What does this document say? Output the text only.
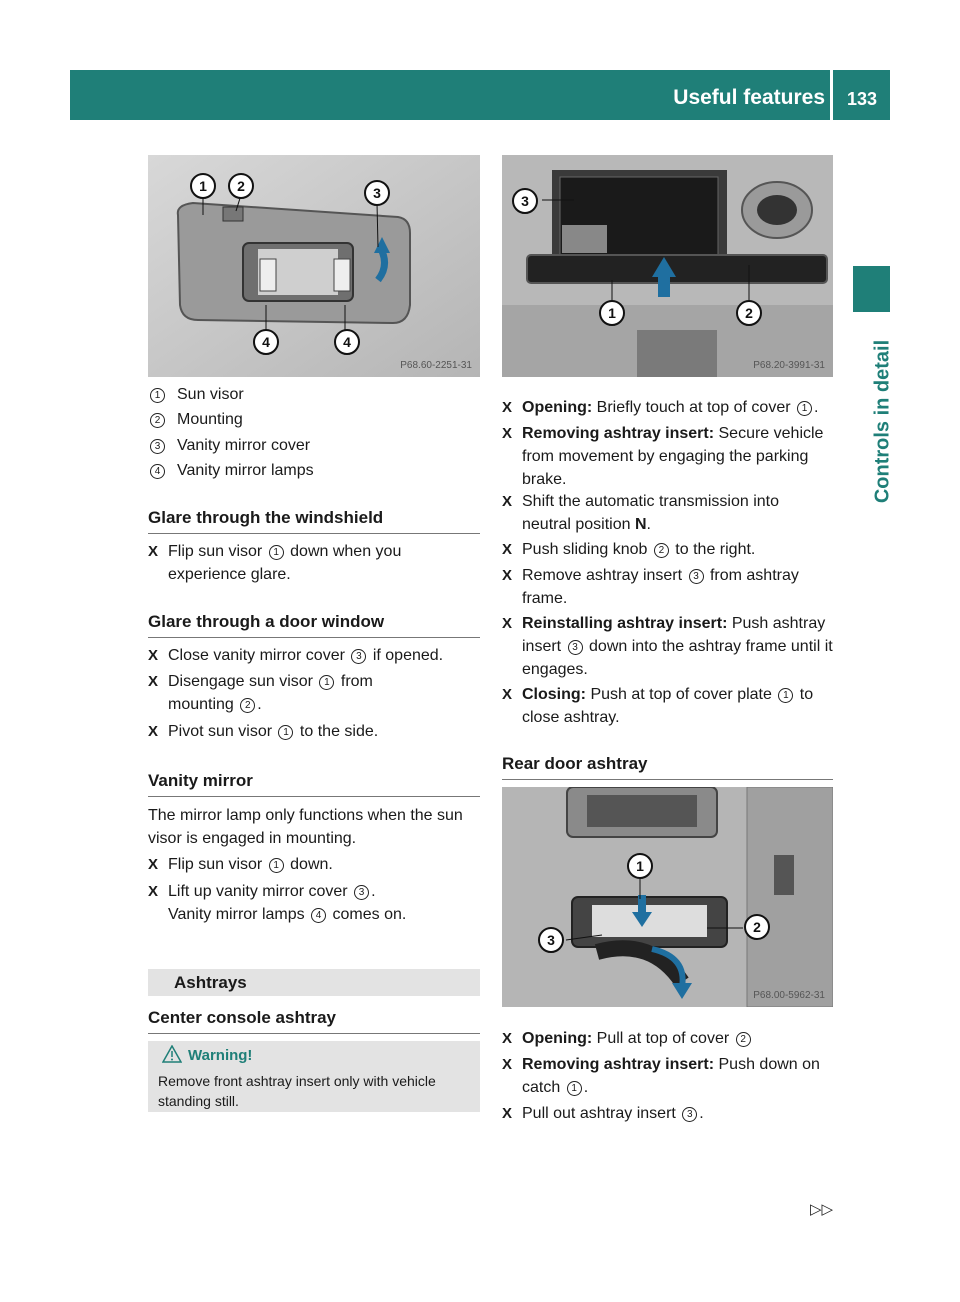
Useful features	133
Controls in detail
1	2	3
4	4
P68.60-2251-31
1 Sun visor
2 Mounting
3 Vanity mirror cover
4 Vanity mirror lamps
Glare through the windshield
X Flip sun visor 1 down when you experience glare.
Glare through a door window
X Close vanity mirror cover 3 if opened.
X Disengage sun visor 1 from mounting 2 .
X Pivot sun visor 1 to the side.
Vanity mirror
The mirror lamp only functions when the sun visor is engaged in mounting.
X Flip sun visor 1 down.
X Lift up vanity mirror cover 3 .
Vanity mirror lamps 4 comes on.
Ashtrays
Center console ashtray
Warning!
Remove front ashtray insert only with vehicle standing still.
3
1	2
P68.20-3991-31
X Opening: Briefly touch at top of cover 1 .
X Removing ashtray insert: Secure vehicle from movement by engaging the parking brake.
X Shift the automatic transmission into neutral position N.
X Push sliding knob 2 to the right.
X Remove ashtray insert 3 from ashtray frame.
X Reinstalling ashtray insert: Push ashtray insert 3 down into the ashtray frame until it engages.
X Closing: Push at top of cover plate 1 to close ashtray.
Rear door ashtray
1
2
3
P68.00-5962-31
X Opening: Pull at top of cover 2
X Removing ashtray insert: Push down on catch 1 .
X Pull out ashtray insert 3 .
▷▷
